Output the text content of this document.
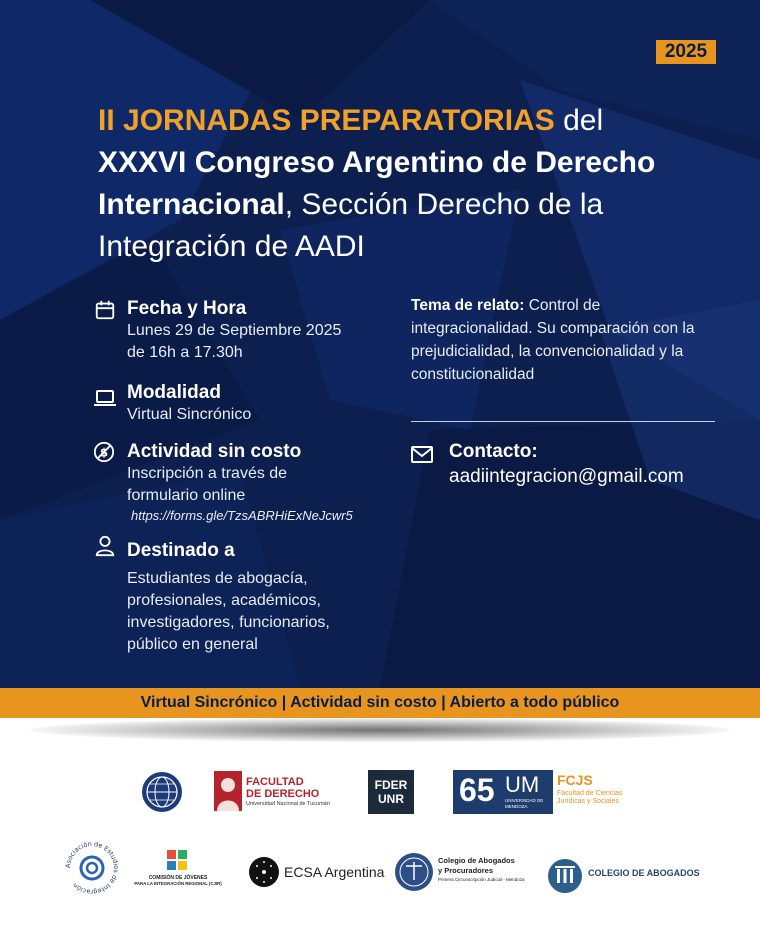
2025
II JORNADAS PREPARATORIAS del
XXXVI Congreso Argentino de Derecho Internacional, Sección Derecho de la Integración de AADI
Fecha y Hora
Lunes 29 de Septiembre 2025
de 16h a 17.30h
Modalidad
Virtual Sincrónico
$ Actividad sin costo
Inscripción a través de
formulario online
https://forms.gle/TzsABRHiExNeJcwr5
Destinado a
Estudiantes de abogacía,
profesionales, académicos,
investigadores, funcionarios,
público en general
Tema de relato: Control de integracionalidad. Su comparación con la prejudicialidad, la convencionalidad y la constitucionalidad
Contacto:
aadiintegracion@gmail.com
Virtual Sincrónico | Actividad sin costo | Abierto a todo público
FACULTAD
DE DERECHO
Universidad Nacional de Tucumán
FDER
UNR	65 UM
UNIVERSIDAD DE MENDOZA
FCJS
Facultad de Ciencias
Jurídicas y Sociales
Asociación de Estudios de Integración
COMISIÓN DE JÓVENES
PARA LA INTEGRACIÓN REGIONAL (CJIR)
ECSA Argentina
Colegio de Abogados
y Procuradores
Primera Circunscripción Judicial - Mendoza
COLEGIO DE ABOGADOS
